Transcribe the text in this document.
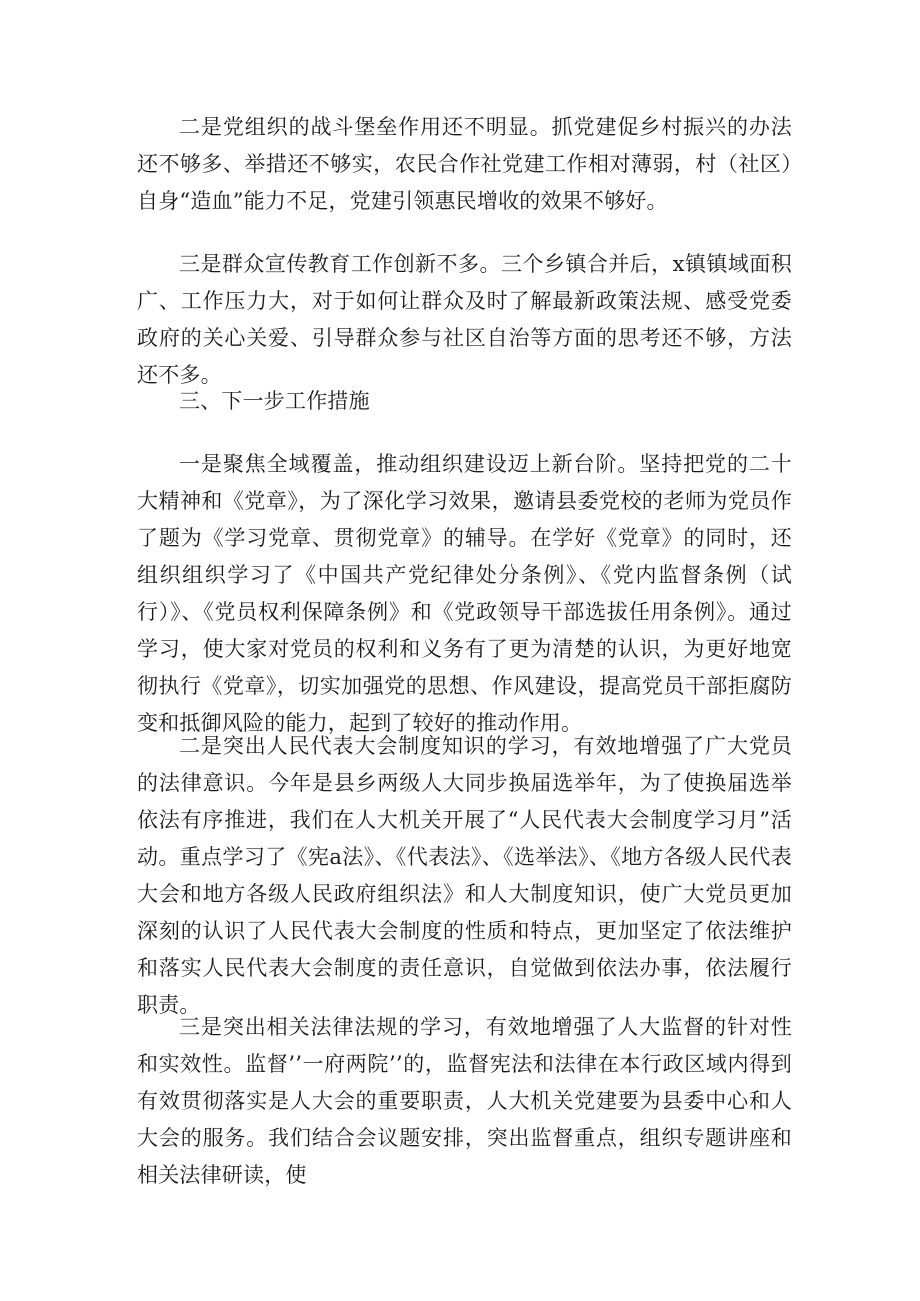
二是党组织的战斗堡垒作用还不明显。抓党建促乡村振兴的办法还不够多、举措还不够实，农民合作社党建工作相对薄弱，村（社区）自身“造血”能力不足，党建引领惠民增收的效果不够好。

三是群众宣传教育工作创新不多。三个乡镇合并后，x镇镇域面积广、工作压力大，对于如何让群众及时了解最新政策法规、感受党委政府的关心关爱、引导群众参与社区自治等方面的思考还不够，方法还不多。

三、下一步工作措施

一是聚焦全域覆盖，推动组织建设迈上新台阶。坚持把党的二十大精神和《党章》，为了深化学习效果，邀请县委党校的老师为党员作了题为《学习党章、贯彻党章》的辅导。在学好《党章》的同时，还组织组织学习了《中国共产党纪律处分条例》、《党内监督条例（试行）》、《党员权利保障条例》和《党政领导干部选拔任用条例》。通过学习，使大家对党员的权利和义务有了更为清楚的认识，为更好地宽彻执行《党章》，切实加强党的思想、作风建设，提高党员干部拒腐防变和抵御风险的能力，起到了较好的推动作用。

二是突出人民代表大会制度知识的学习，有效地增强了广大党员的法律意识。今年是县乡两级人大同步换届选举年，为了使换届选举依法有序推进，我们在人大机关开展了“人民代表大会制度学习月”活动。重点学习了《宪a法》、《代表法》、《选举法》、《地方各级人民代表大会和地方各级人民政府组织法》和人大制度知识，使广大党员更加深刻的认识了人民代表大会制度的性质和特点，更加坚定了依法维护和落实人民代表大会制度的责任意识，自觉做到依法办事，依法履行职责。

三是突出相关法律法规的学习，有效地增强了人大监督的针对性和实效性。监督’’一府两院’’的，监督宪法和法律在本行政区域内得到有效贯彻落实是人大会的重要职责，人大机关党建要为县委中心和人大会的服务。我们结合会议题安排，突出监督重点，组织专题讲座和相关法律研读，使
